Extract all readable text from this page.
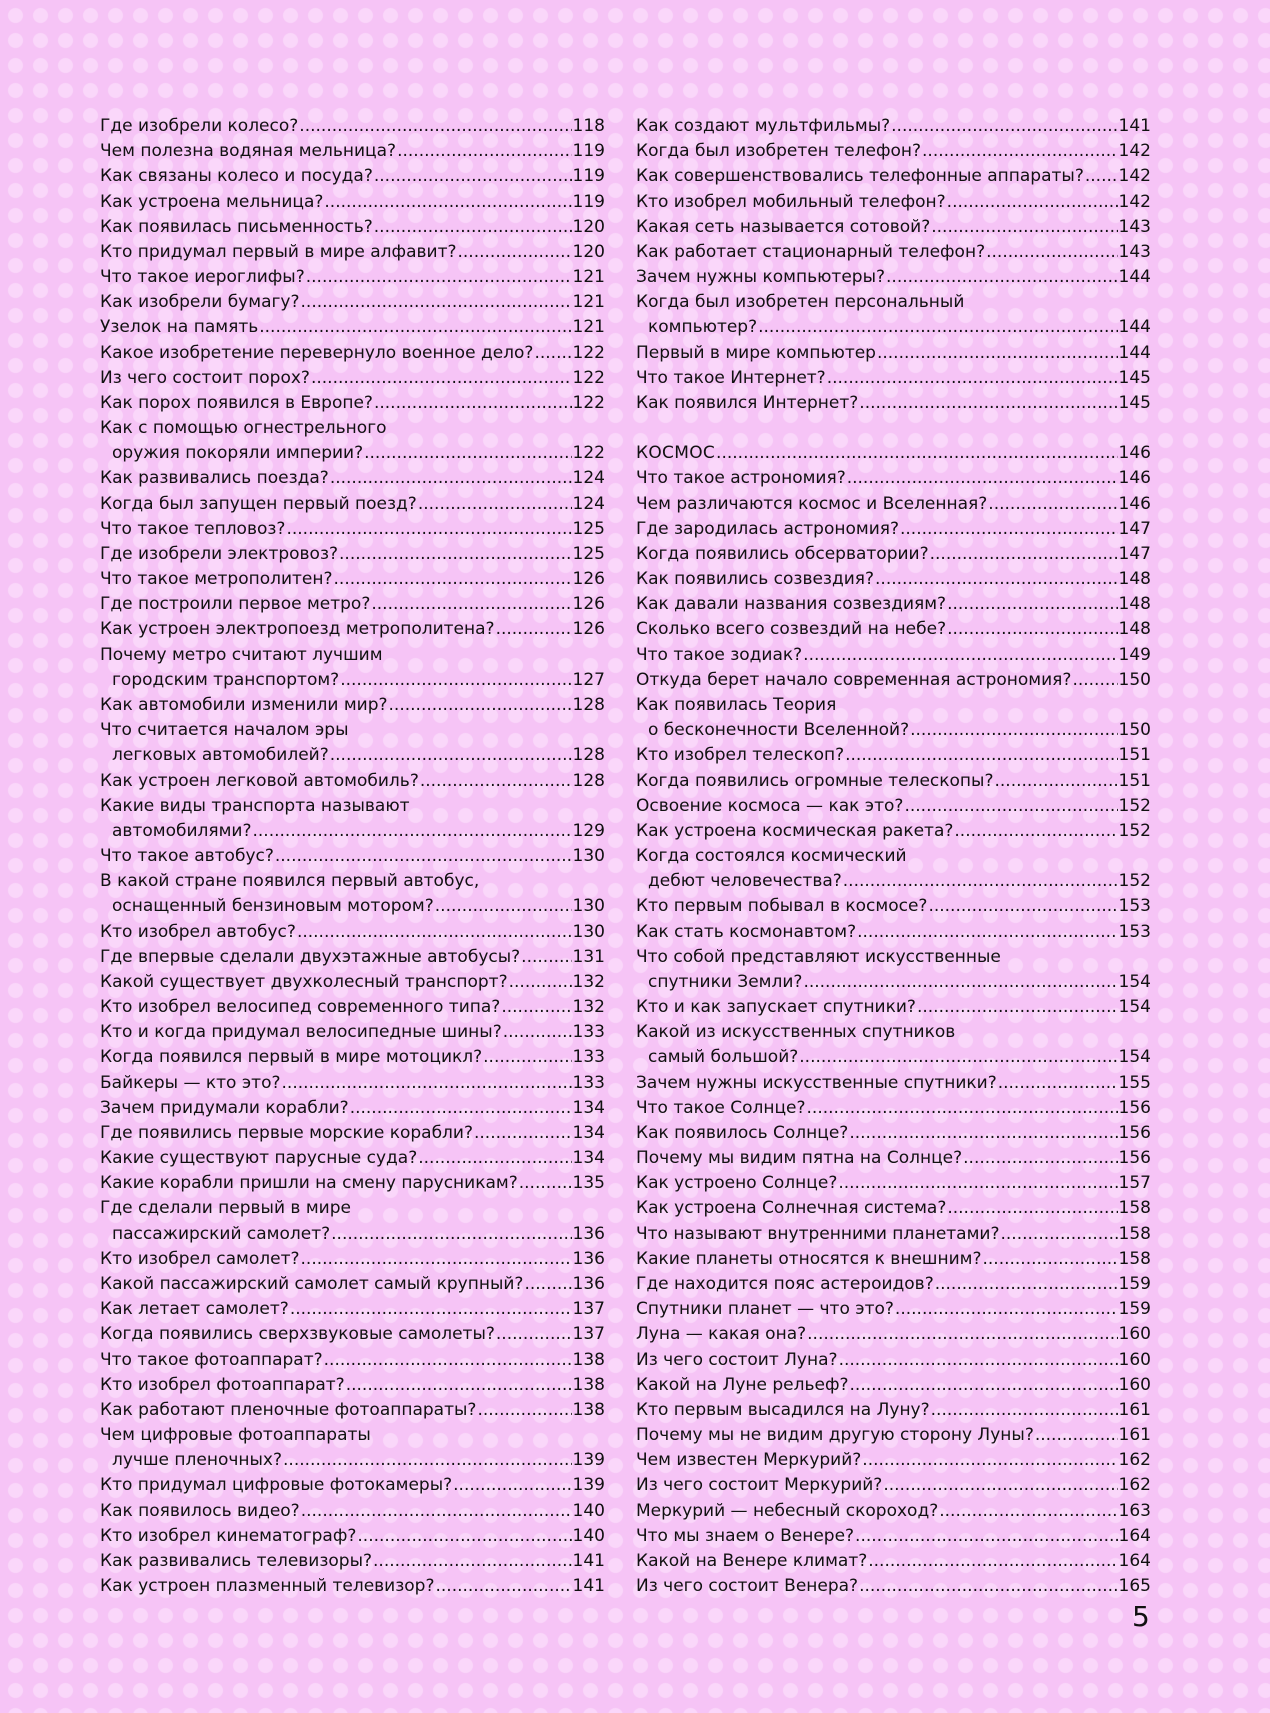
Где изобрели колесо? .....	118
Чем полезна водяная мельница? .....	119
Как связаны колесо и посуда? .....	119
Как устроена мельница? .....	119
Как появилась письменность? .....	120
Кто придумал первый в мире алфавит? .....	120
Что такое иероглифы? .....	121
Как изобрели бумагу? .....	121
Узелок на память .....	121
Какое изобретение перевернуло военное дело? ..... 122
Из чего состоит порох? .....	122
Как порох появился в Европе? .....	122
Как с помощью огнестрельного
оружия покоряли империи? .....	122
Как развивались поезда? .....	124
Когда был запущен первый поезд? .....	124
Что такое тепловоз? .....	125
Где изобрели электровоз? .....	125
Что такое метрополитен? .....	126
Где построили первое метро? .....	126
Как устроен электропоезд метрополитена? .....	126
Почему метро считают лучшим
городским транспортом? .....	127
Как автомобили изменили мир? .....	128
Что считается началом эры
легковых автомобилей? .....	128
Как устроен легковой автомобиль? .....	128
Какие виды транспорта называют
автомобилями? .....	129
Что такое автобус? .....	130
В какой стране появился первый автобус,
оснащенный бензиновым мотором? .....	130
Кто изобрел автобус? .....	130
Где впервые сделали двухэтажные автобусы? .....	131
Какой существует двухколесный транспорт? .....	132
Кто изобрел велосипед современного типа? .....	132
Кто и когда придумал велосипедные шины? .....	133
Когда появился первый в мире мотоцикл? .....	133
Байкеры — кто это? .....	133
Зачем придумали корабли? .....	134
Где появились первые морские корабли? .....	134
Какие существуют парусные суда? .....	134
Какие корабли пришли на смену парусникам? .....	135
Где сделали первый в мире
пассажирский самолет? .....	136
Кто изобрел самолет? .....	136
Какой пассажирский самолет самый крупный? .....	136
Как летает самолет? .....	137
Когда появились сверхзвуковые самолеты? .....	137
Что такое фотоаппарат? .....	138
Кто изобрел фотоаппарат? .....	138
Как работают пленочные фотоаппараты? .....	138
Чем цифровые фотоаппараты
лучше пленочных? .....	139
Кто придумал цифровые фотокамеры? .....	139
Как появилось видео? .....	140
Кто изобрел кинематограф? .....	140
Как развивались телевизоры? .....	141
Как устроен плазменный телевизор? .....	141
Как создают мультфильмы? .....	141
Когда был изобретен телефон? .....	142
Как совершенствовались телефонные аппараты? ..... 142
Кто изобрел мобильный телефон? .....	142
Какая сеть называется сотовой? .....	143
Как работает стационарный телефон? .....	143
Зачем нужны компьютеры? .....	144
Когда был изобретен персональный
компьютер? .....	144
Первый в мире компьютер .....	144
Что такое Интернет? .....	145
Как появился Интернет? .....	145
КОСМОС .....	146
Что такое астрономия? .....	146
Чем различаются космос и Вселенная? .....	146
Где зародилась астрономия? .....	147
Когда появились обсерватории? .....	147
Как появились созвездия? .....	148
Как давали названия созвездиям? .....	148
Сколько всего созвездий на небе? .....	148
Что такое зодиак? .....	149
Откуда берет начало современная астрономия? .....	150
Как появилась Теория
о бесконечности Вселенной? .....	150
Кто изобрел телескоп? .....	151
Когда появились огромные телескопы? .....	151
Освоение космоса — как это? .....	152
Как устроена космическая ракета? .....	152
Когда состоялся космический
дебют человечества? .....	152
Кто первым побывал в космосе? .....	153
Как стать космонавтом? .....	153
Что собой представляют искусственные
спутники Земли? .....	154
Кто и как запускает спутники? .....	154
Какой из искусственных спутников
самый большой? .....	154
Зачем нужны искусственные спутники? .....	155
Что такое Солнце? .....	156
Как появилось Солнце? .....	156
Почему мы видим пятна на Солнце? .....	156
Как устроено Солнце? .....	157
Как устроена Солнечная система? .....	158
Что называют внутренними планетами? .....	158
Какие планеты относятся к внешним? .....	158
Где находится пояс астероидов? .....	159
Спутники планет — что это? .....	159
Луна — какая она? .....	160
Из чего состоит Луна? .....	160
Какой на Луне рельеф? .....	160
Кто первым высадился на Луну? .....	161
Почему мы не видим другую сторону Луны? .....	161
Чем известен Меркурий? .....	162
Из чего состоит Меркурий? .....	162
Меркурий — небесный скороход? .....	163
Что мы знаем о Венере? .....	164
Какой на Венере климат? .....	164
Из чего состоит Венера? .....	165
5
